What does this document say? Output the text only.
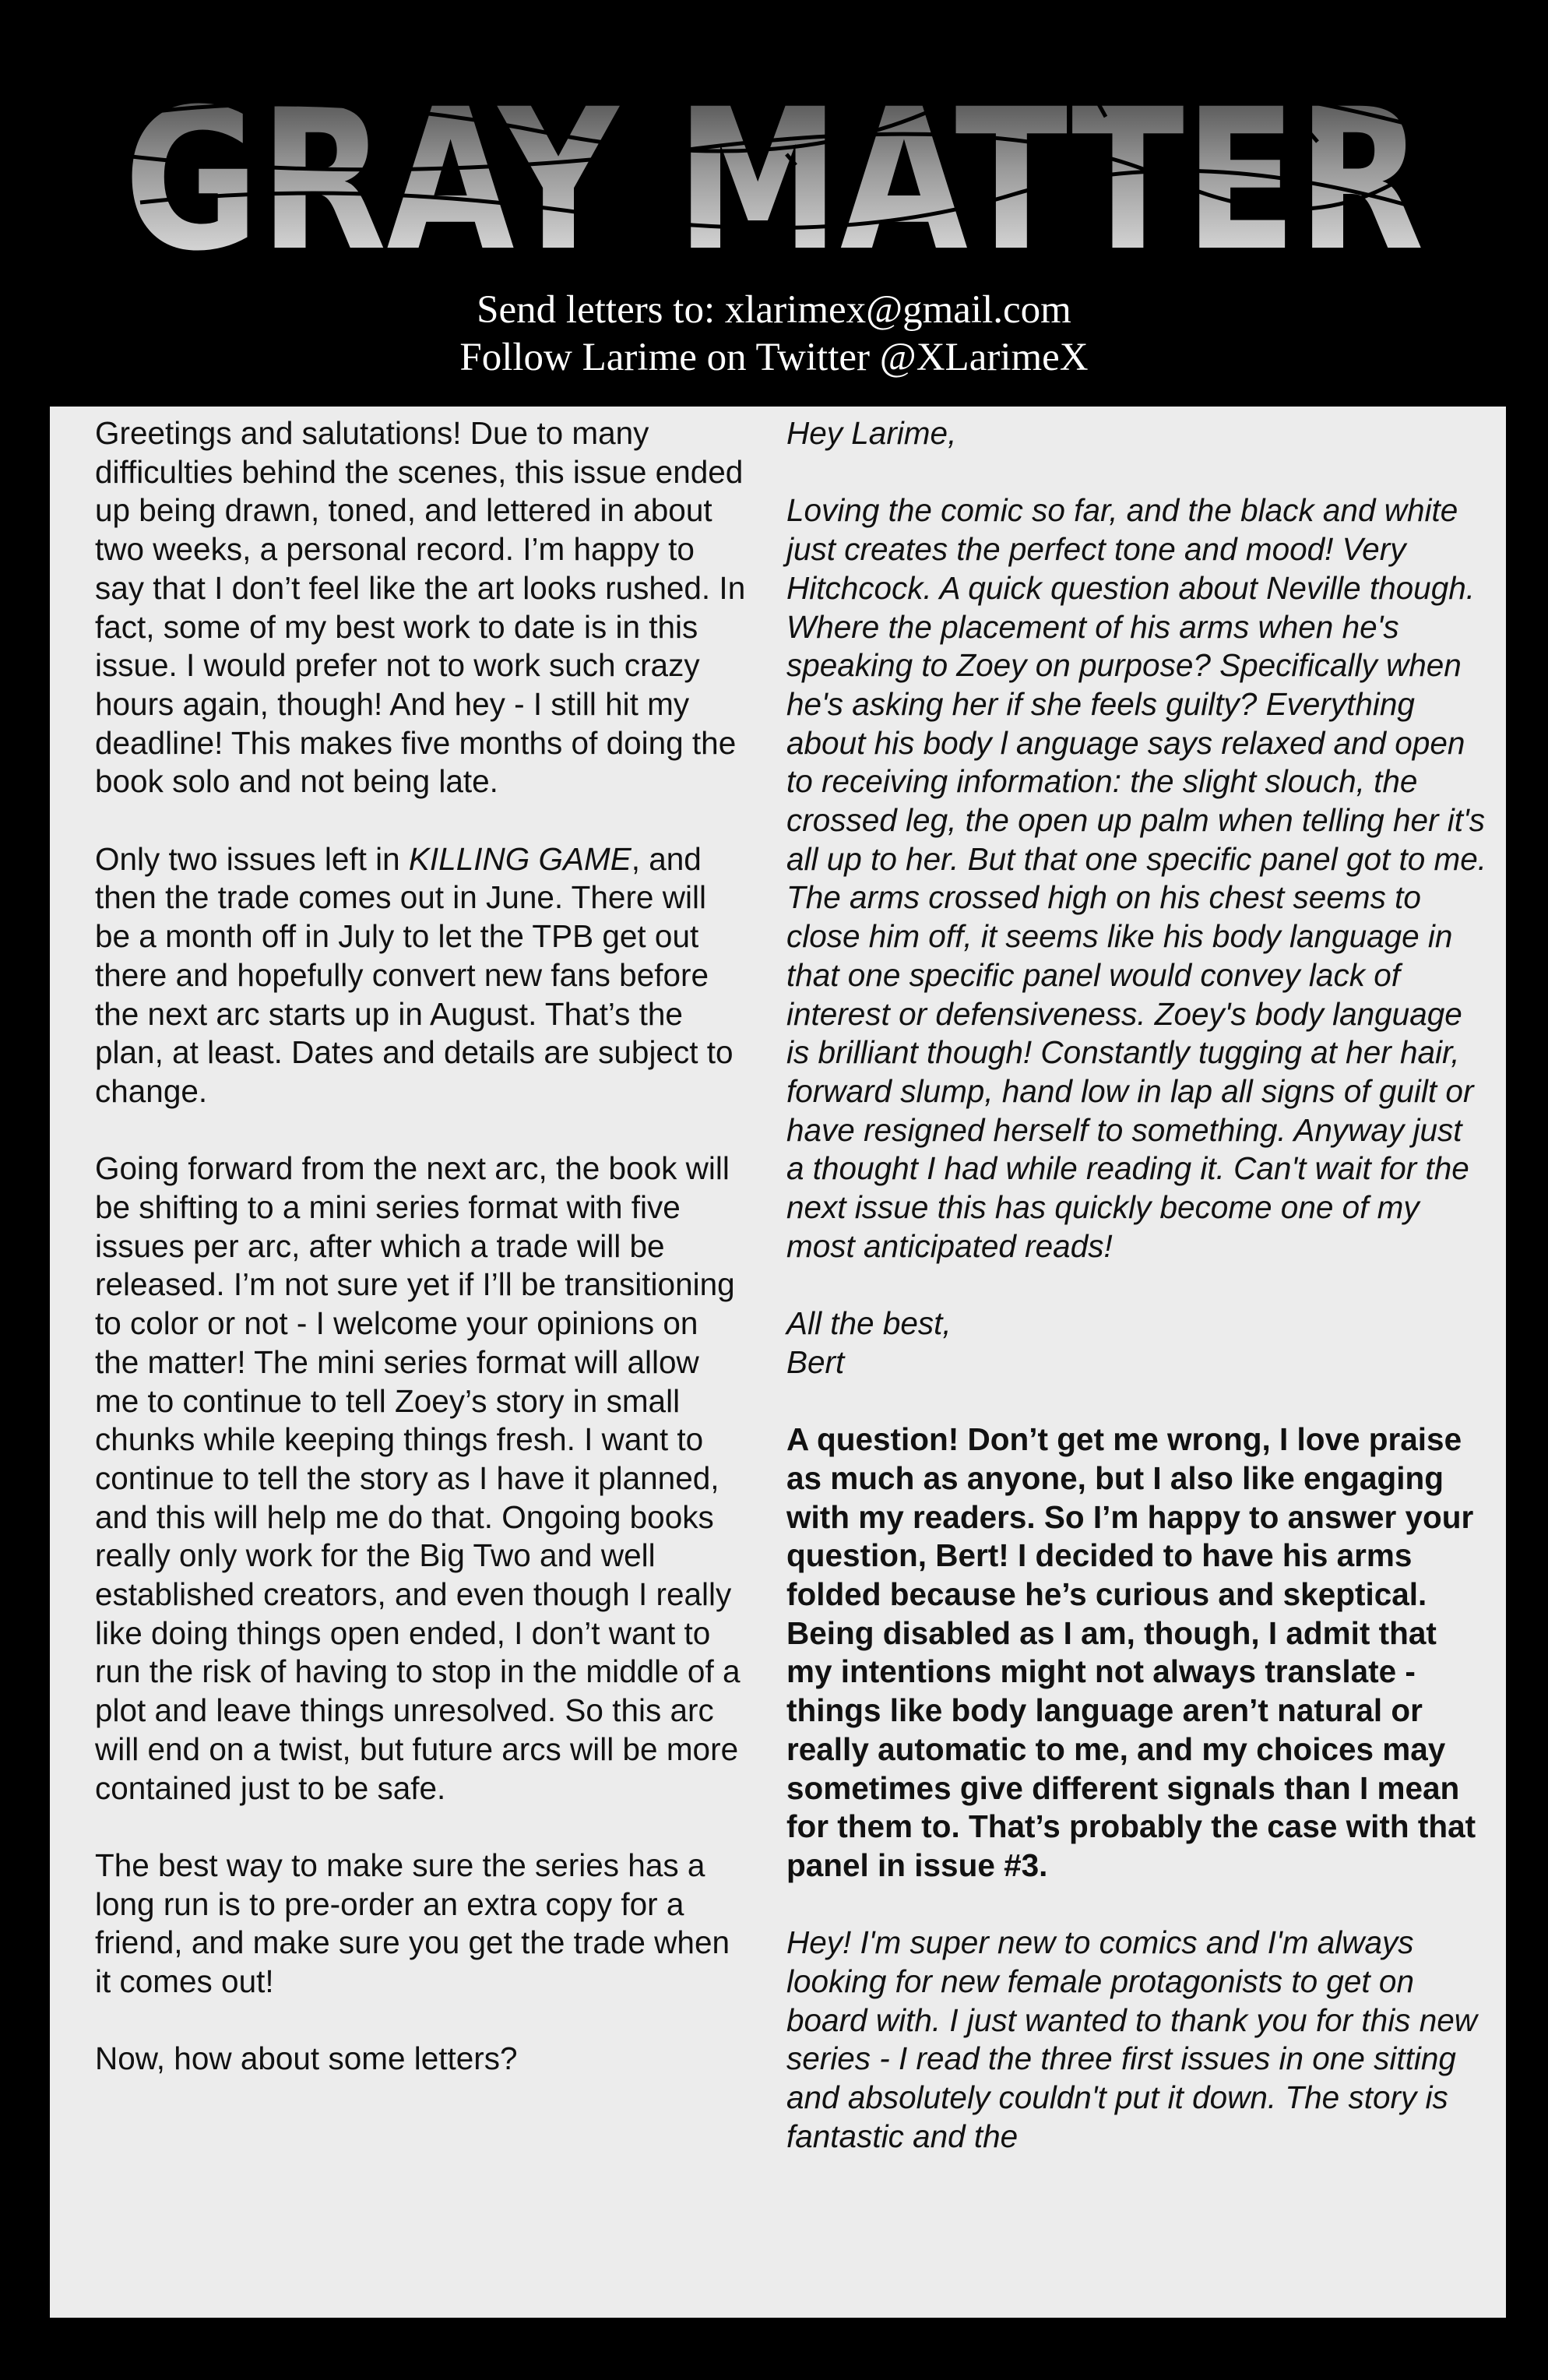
GRAY MATTER
Send letters to: xlarimex@gmail.com
Follow Larime on Twitter @XLarimeX

Greetings and salutations! Due to many difficulties behind the scenes, this issue ended up being drawn, toned, and lettered in about two weeks, a personal record. I’m happy to say that I don’t feel like the art looks rushed. In fact, some of my best work to date is in this issue. I would prefer not to work such crazy hours again, though! And hey - I still hit my deadline! This makes five months of doing the book solo and not being late.

Only two issues left in KILLING GAME, and then the trade comes out in June. There will be a month off in July to let the TPB get out there and hopefully convert new fans before the next arc starts up in August. That’s the plan, at least. Dates and details are subject to change.

Going forward from the next arc, the book will be shifting to a mini series format with five issues per arc, after which a trade will be released. I’m not sure yet if I’ll be transitioning to color or not - I welcome your opinions on the matter! The mini series format will allow me to continue to tell Zoey’s story in small chunks while keeping things fresh. I want to continue to tell the story as I have it planned, and this will help me do that. Ongoing books really only work for the Big Two and well established creators, and even though I really like doing things open ended, I don’t want to run the risk of having to stop in the middle of a plot and leave things unresolved. So this arc will end on a twist, but future arcs will be more contained just to be safe.

The best way to make sure the series has a long run is to pre-order an extra copy for a friend, and make sure you get the trade when it comes out!

Now, how about some letters?

Hey Larime,

Loving the comic so far, and the black and white just creates the perfect tone and mood! Very Hitchcock. A quick question about Neville though. Where the placement of his arms when he's speaking to Zoey on purpose? Specifically when he's asking her if she feels guilty? Everything about his body l anguage says relaxed and open to receiving information: the slight slouch, the crossed leg, the open up palm when telling her it's all up to her. But that one specific panel got to me. The arms crossed high on his chest seems to close him off, it seems like his body language in that one specific panel would convey lack of interest or defensiveness. Zoey's body language is brilliant though! Constantly tugging at her hair, forward slump, hand low in lap all signs of guilt or have resigned herself to something. Anyway just a thought I had while reading it. Can't wait for the next issue this has quickly become one of my most anticipated reads!

All the best,
Bert

A question! Don’t get me wrong, I love praise as much as anyone, but I also like engaging with my readers. So I’m happy to answer your question, Bert! I decided to have his arms folded because he’s curious and skeptical. Being disabled as I am, though, I admit that my intentions might not always translate - things like body language aren’t natural or really automatic to me, and my choices may sometimes give different signals than I mean for them to. That’s probably the case with that panel in issue #3.

Hey! I'm super new to comics and I'm always looking for new female protagonists to get on board with. I just wanted to thank you for this new series - I read the three first issues in one sitting and absolutely couldn't put it down. The story is fantastic and the
